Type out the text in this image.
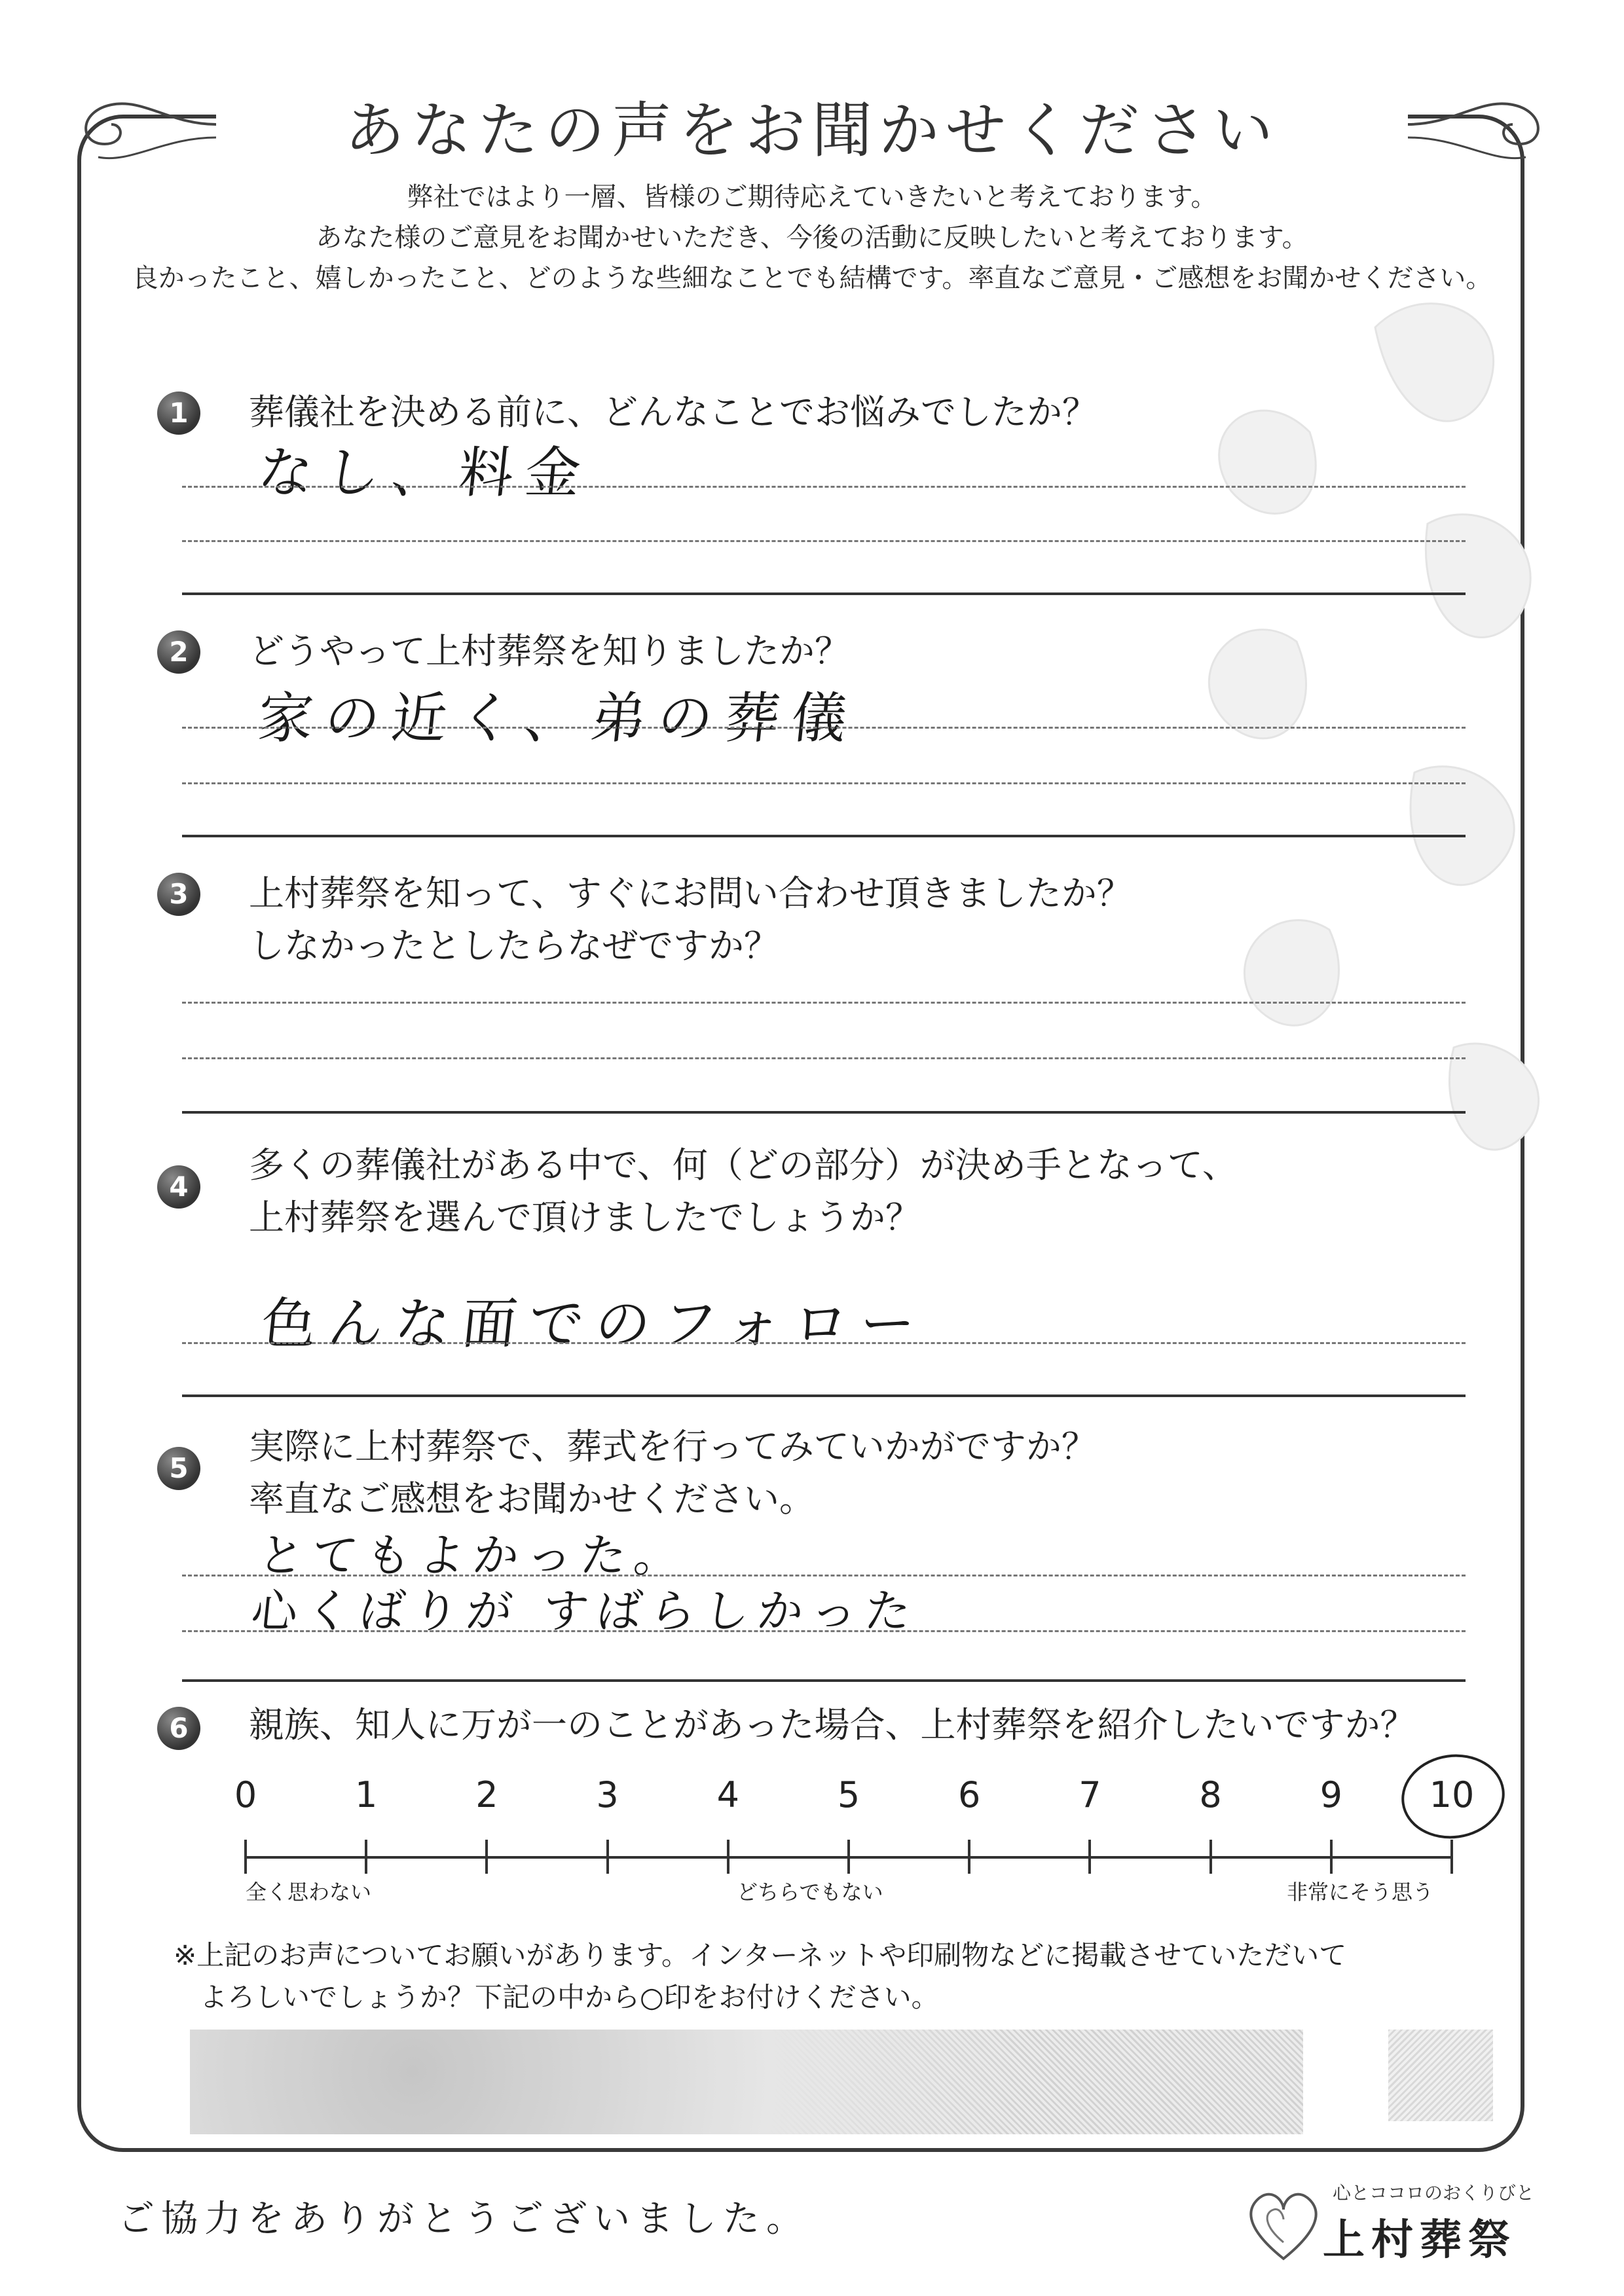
あなたの声をお聞かせください
弊社ではより一層、皆様のご期待応えていきたいと考えております。
あなた様のご意見をお聞かせいただき、今後の活動に反映したいと考えております。
良かったこと、嬉しかったこと、どのような些細なことでも結構です。率直なご意見・ご感想をお聞かせください。
1	葬儀社を決める前に、どんなことでお悩みでしたか？
なし、料金
2	どうやって上村葬祭を知りましたか？
家の近く、弟の葬儀
3	上村葬祭を知って、すぐにお問い合わせ頂きましたか？
しなかったとしたらなぜですか？
4
多くの葬儀社がある中で、何（どの部分）が決め手となって、
上村葬祭を選んで頂けましたでしょうか？
色んな面でのフォロー
5
実際に上村葬祭で、葬式を行ってみていかがですか？
率直なご感想をお聞かせください。
とてもよかった。
心くばりが すばらしかった
6	親族、知人に万が一のことがあった場合、上村葬祭を紹介したいですか？
0	1	2	3	4	5	6	7	8	9	10
全く思わない	どちらでもない	非常にそう思う
※上記のお声についてお願いがあります。インターネットや印刷物などに掲載させていただいて
よろしいでしょうか？下記の中から○印をお付けください。
ご協力をありがとうございました。
心とココロのおくりびと
上村葬祭
